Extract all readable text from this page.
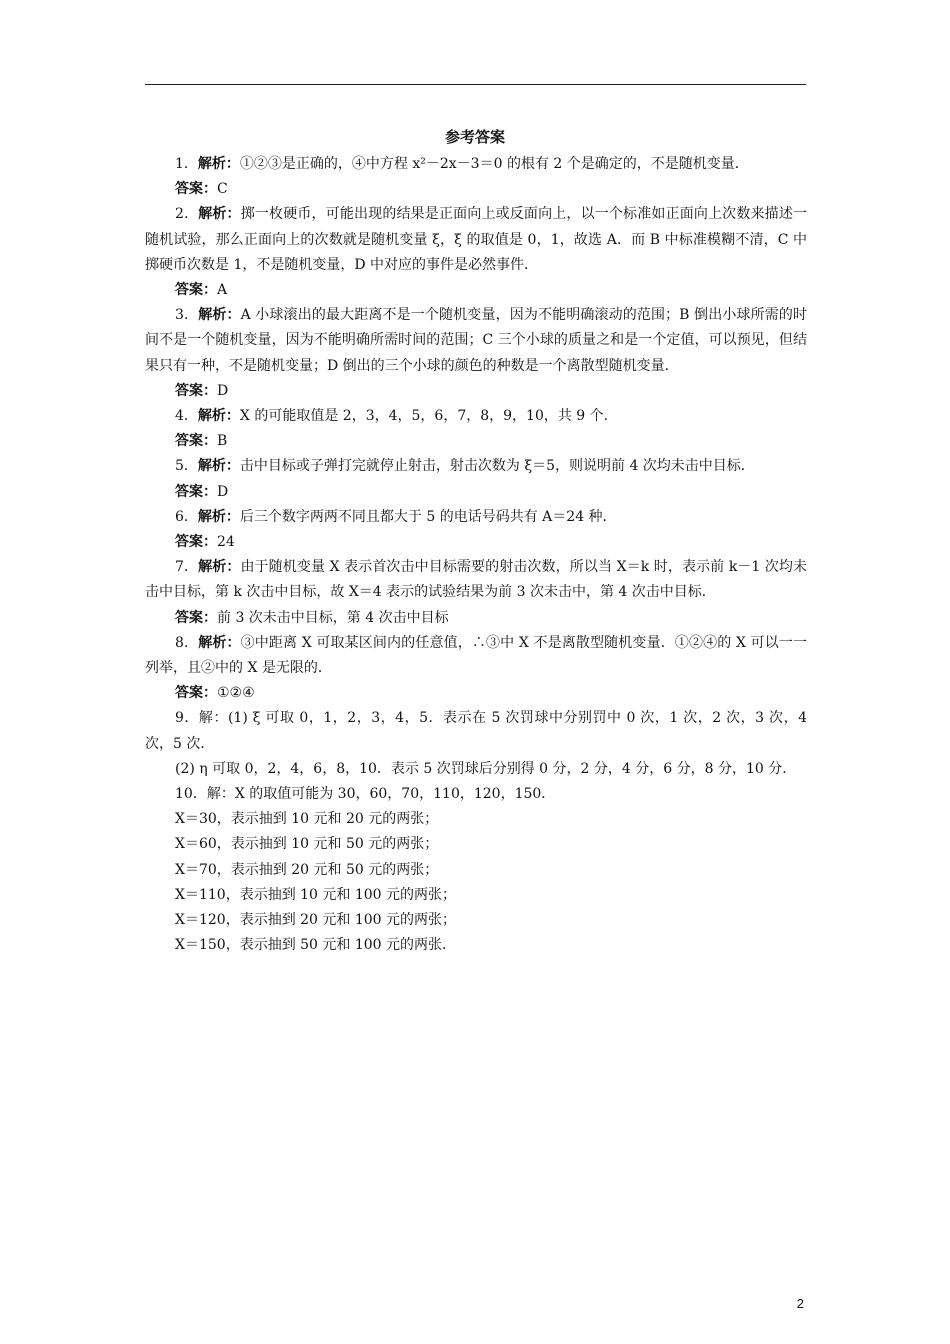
参考答案

1．解析：①②③是正确的，④中方程 x²－2x－3＝0 的根有 2 个是确定的，不是随机变量．

答案：C

2．解析：掷一枚硬币，可能出现的结果是正面向上或反面向上，以一个标准如正面向上次数来描述一随机试验，那么正面向上的次数就是随机变量 ξ，ξ 的取值是 0，1，故选 A．而 B 中标准模糊不清，C 中掷硬币次数是 1，不是随机变量，D 中对应的事件是必然事件．

答案：A

3．解析：A 小球滚出的最大距离不是一个随机变量，因为不能明确滚动的范围；B 倒出小球所需的时间不是一个随机变量，因为不能明确所需时间的范围；C 三个小球的质量之和是一个定值，可以预见，但结果只有一种，不是随机变量；D 倒出的三个小球的颜色的种数是一个离散型随机变量．

答案：D

4．解析：X 的可能取值是 2，3，4，5，6，7，8，9，10，共 9 个．

答案：B

5．解析：击中目标或子弹打完就停止射击，射击次数为 ξ＝5，则说明前 4 次均未击中目标．

答案：D

6．解析：后三个数字两两不同且都大于 5 的电话号码共有 A＝24 种．

答案：24

7．解析：由于随机变量 X 表示首次击中目标需要的射击次数，所以当 X＝k 时，表示前 k－1 次均未击中目标，第 k 次击中目标，故 X＝4 表示的试验结果为前 3 次未击中，第 4 次击中目标．

答案：前 3 次未击中目标，第 4 次击中目标

8．解析：③中距离 X 可取某区间内的任意值，∴③中 X 不是离散型随机变量．①②④的 X 可以一一列举，且②中的 X 是无限的．

答案：①②④

9．解：(1) ξ 可取 0，1，2，3，4，5．表示在 5 次罚球中分别罚中 0 次，1 次，2 次，3 次，4 次，5 次．

(2) η 可取 0，2，4，6，8，10．表示 5 次罚球后分别得 0 分，2 分，4 分，6 分，8 分，10 分．

10．解：X 的取值可能为 30，60，70，110，120，150．

X＝30，表示抽到 10 元和 20 元的两张；

X＝60，表示抽到 10 元和 50 元的两张；

X＝70，表示抽到 20 元和 50 元的两张；

X＝110，表示抽到 10 元和 100 元的两张；

X＝120，表示抽到 20 元和 100 元的两张；

X＝150，表示抽到 50 元和 100 元的两张．

2
